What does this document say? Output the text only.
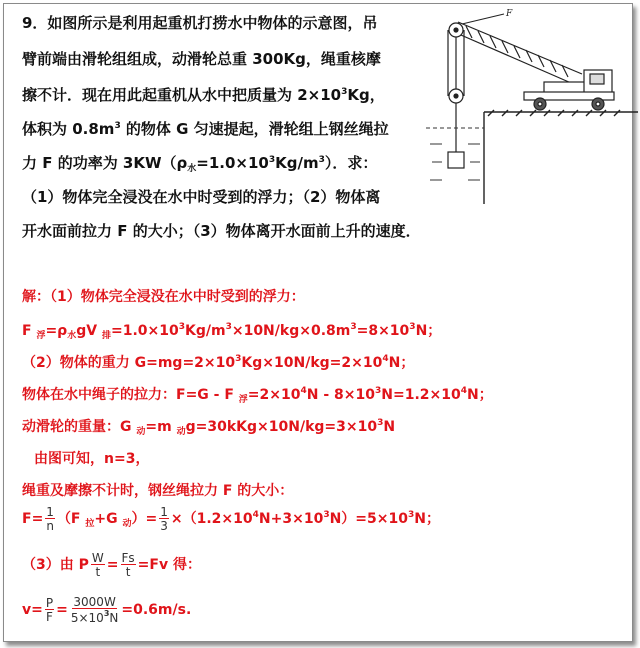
9．如图所示是利用起重机打捞水中物体的示意图，吊
臂前端由滑轮组组成，动滑轮总重 300Kg，绳重核摩
擦不计．现在用此起重机从水中把质量为 $2\times 10^3Kg$，
体积为 $0.8m^3$ 的物体 G 匀速提起，滑轮组上钢丝绳拉
力 F 的功率为 $3KW(\rho_水=1.0\times 10^3Kg/m^3)$．求：
（1）物体完全浸没在水中时受到的浮力；（2）物体离
开水面前拉力 F 的大小；（3）物体离开水面前上升的速度．
F
解：（1）物体完全浸没在水中时受到的浮力：
F $_浮=\rho_水gV$ $_排=1.0\times 10^3Kg/m^3\times 10N/kg\times 0.8m^3=8\times 10^3N$；
（2）物体的重力 $G=mg=2\times 10^3Kg\times 10N/kg=2\times 10^4N$；
物体在水中绳子的拉力：F=G - F $_浮=2\times 10^4N - 8\times 10^3N=1.2\times 10^4N$；
动滑轮的重量：G $_动$=m $_动g=30kKg\times 10N/kg=3\times 10^3N$
由图可知，n=3，
绳重及摩擦不计时，钢丝绳拉力 F 的大小：
$F= \frac{1}{n} (F$ $_拉$+G $_动)= \frac{1}{3} \times(1.2\times 10^4N+3\times 10^3N)=5\times 10^3N$；
（3）由 P $\frac{W}{t} = \frac{Fs}{t} =Fv$ 得：
$v= \frac{P}{F} = \frac{3000W}{5\times 10^3N} =0.6m/s$.
